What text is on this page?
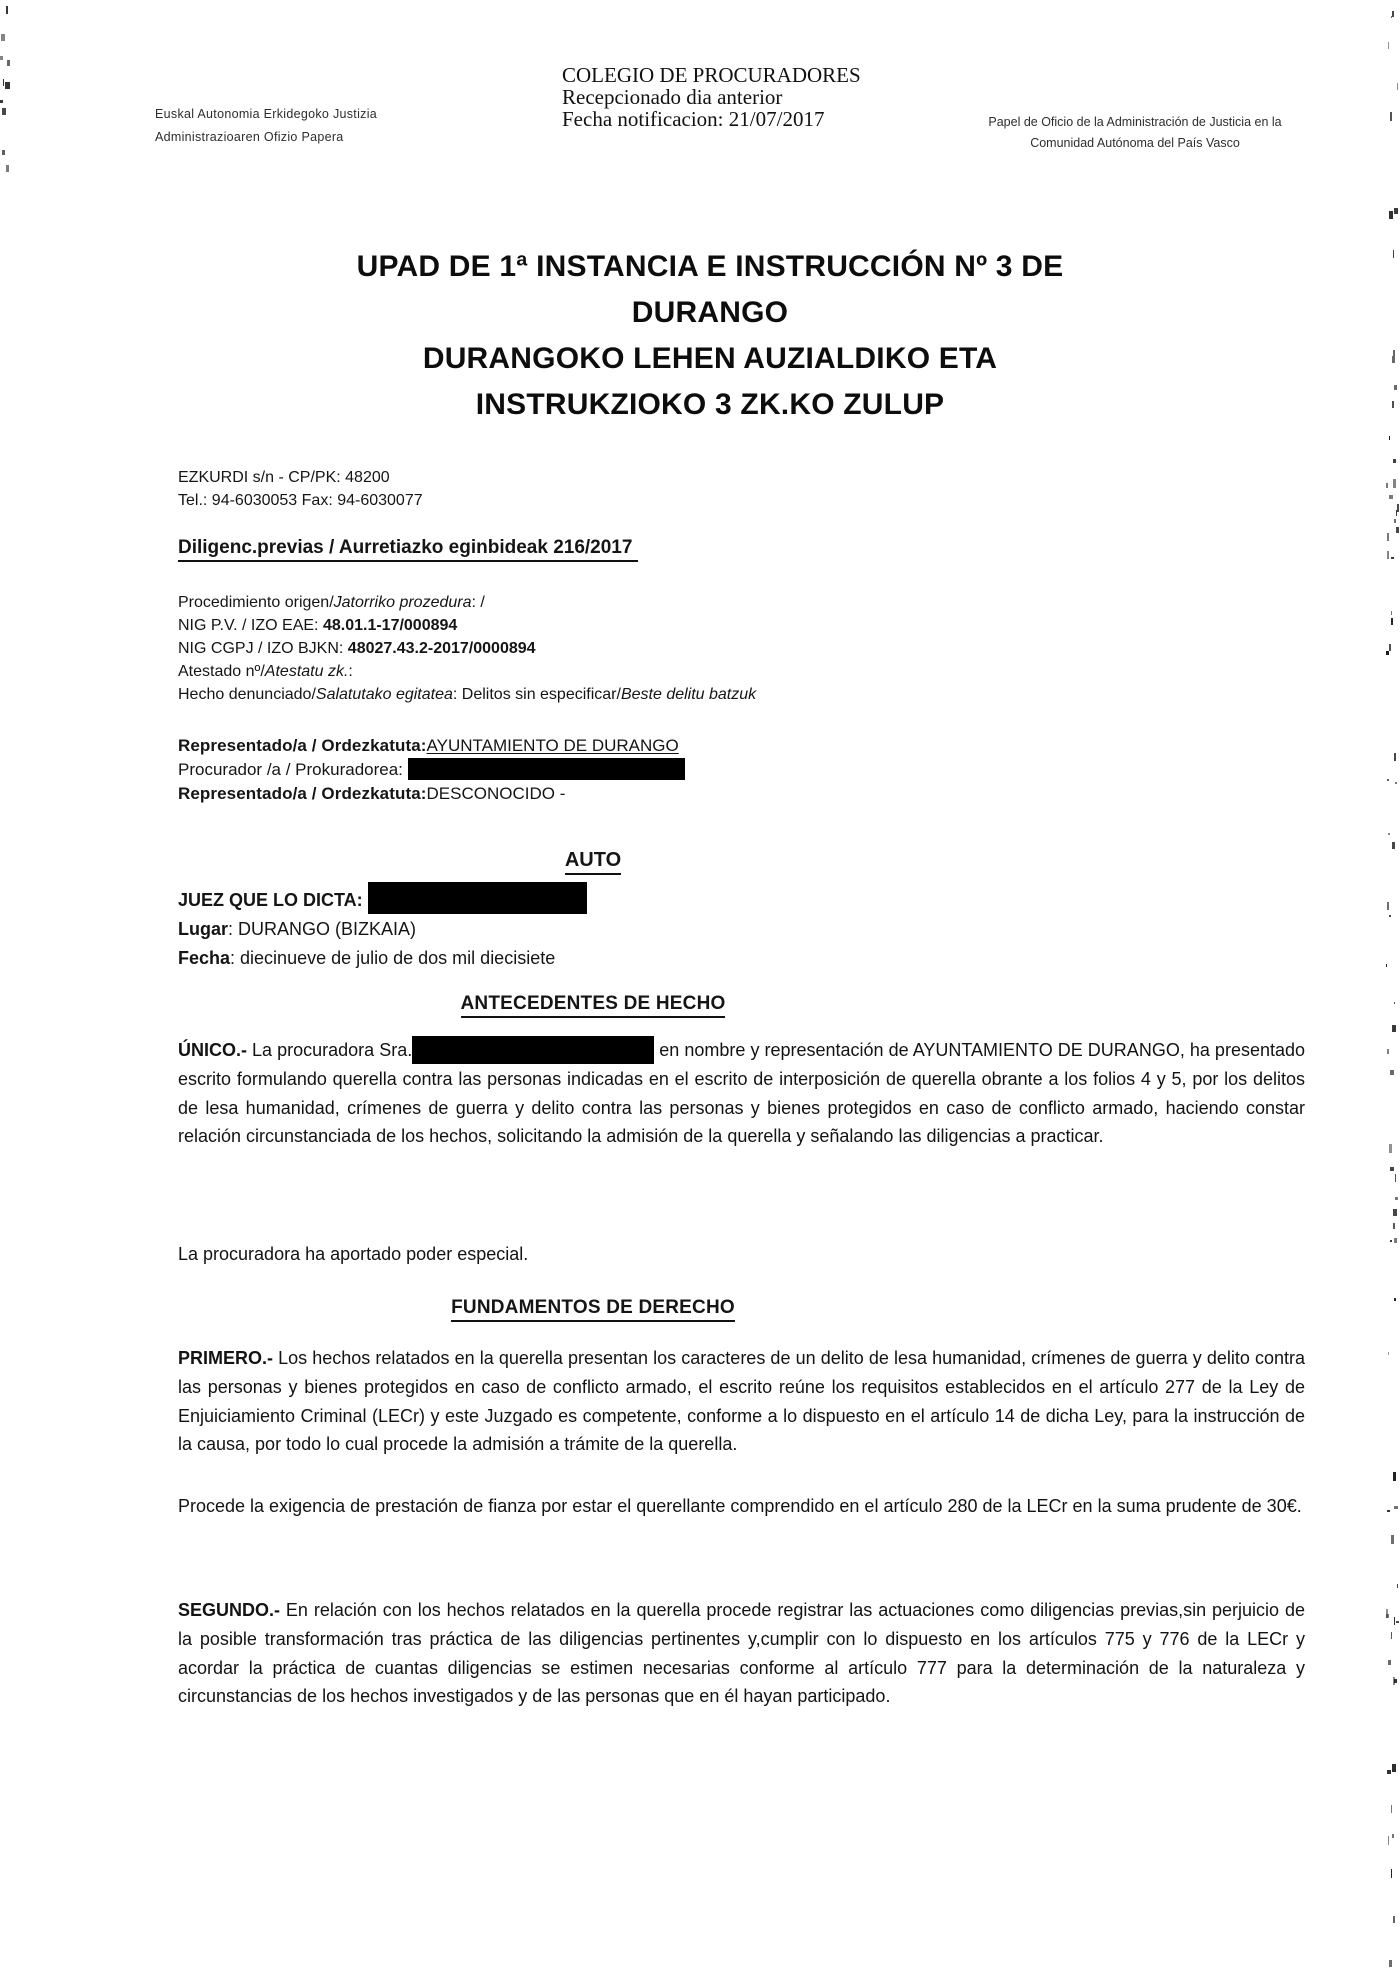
Euskal Autonomia Erkidegoko Justizia
Administrazioaren Ofizio Papera
COLEGIO DE PROCURADORES
Recepcionado dia anterior
Fecha notificacion: 21/07/2017	Papel de Oficio de la Administración de Justicia en la
Comunidad Autónoma del País Vasco
UPAD DE 1ª INSTANCIA E INSTRUCCIÓN Nº 3 DE
DURANGO
DURANGOKO LEHEN AUZIALDIKO ETA
INSTRUKZIOKO 3 ZK.KO ZULUP
EZKURDI s/n - CP/PK: 48200
Tel.: 94-6030053 Fax: 94-6030077
Diligenc.previas / Aurretiazko eginbideak 216/2017
Procedimiento origen/Jatorriko prozedura: /
NIG P.V. / IZO EAE: 48.01.1-17/000894
NIG CGPJ / IZO BJKN: 48027.43.2-2017/0000894
Atestado nº/Atestatu zk.:
Hecho denunciado/Salatutako egitatea: Delitos sin especificar/Beste delitu batzuk
Representado/a / Ordezkatuta:AYUNTAMIENTO DE DURANGO
Procurador /a / Prokuradorea:
Representado/a / Ordezkatuta:DESCONOCIDO -
AUTO
JUEZ QUE LO DICTA:
Lugar: DURANGO (BIZKAIA)
Fecha: diecinueve de julio de dos mil diecisiete
ANTECEDENTES DE HECHO
ÚNICO.- La procuradora Sra.	en nombre y representación de AYUNTAMIENTO DE DURANGO, ha presentado escrito formulando querella contra las personas indicadas en el escrito de interposición de querella obrante a los folios 4 y 5, por los delitos de lesa humanidad, crímenes de guerra y delito contra las personas y bienes protegidos en caso de conflicto armado, haciendo constar relación circunstanciada de los hechos, solicitando la admisión de la querella y señalando las diligencias a practicar.
La procuradora ha aportado poder especial.
FUNDAMENTOS DE DERECHO
PRIMERO.- Los hechos relatados en la querella presentan los caracteres de un delito de lesa humanidad, crímenes de guerra y delito contra las personas y bienes protegidos en caso de conflicto armado, el escrito reúne los requisitos establecidos en el artículo 277 de la Ley de Enjuiciamiento Criminal (LECr) y este Juzgado es competente, conforme a lo dispuesto en el artículo 14 de dicha Ley, para la instrucción de la causa, por todo lo cual procede la admisión a trámite de la querella.
Procede la exigencia de prestación de fianza por estar el querellante comprendido en el artículo 280 de la LECr en la suma prudente de 30€.
SEGUNDO.- En relación con los hechos relatados en la querella procede registrar las actuaciones como diligencias previas,sin perjuicio de la posible transformación tras práctica de las diligencias pertinentes y,cumplir con lo dispuesto en los artículos 775 y 776 de la LECr y acordar la práctica de cuantas diligencias se estimen necesarias conforme al artículo 777 para la determinación de la naturaleza y circunstancias de los hechos investigados y de las personas que en él hayan participado.
